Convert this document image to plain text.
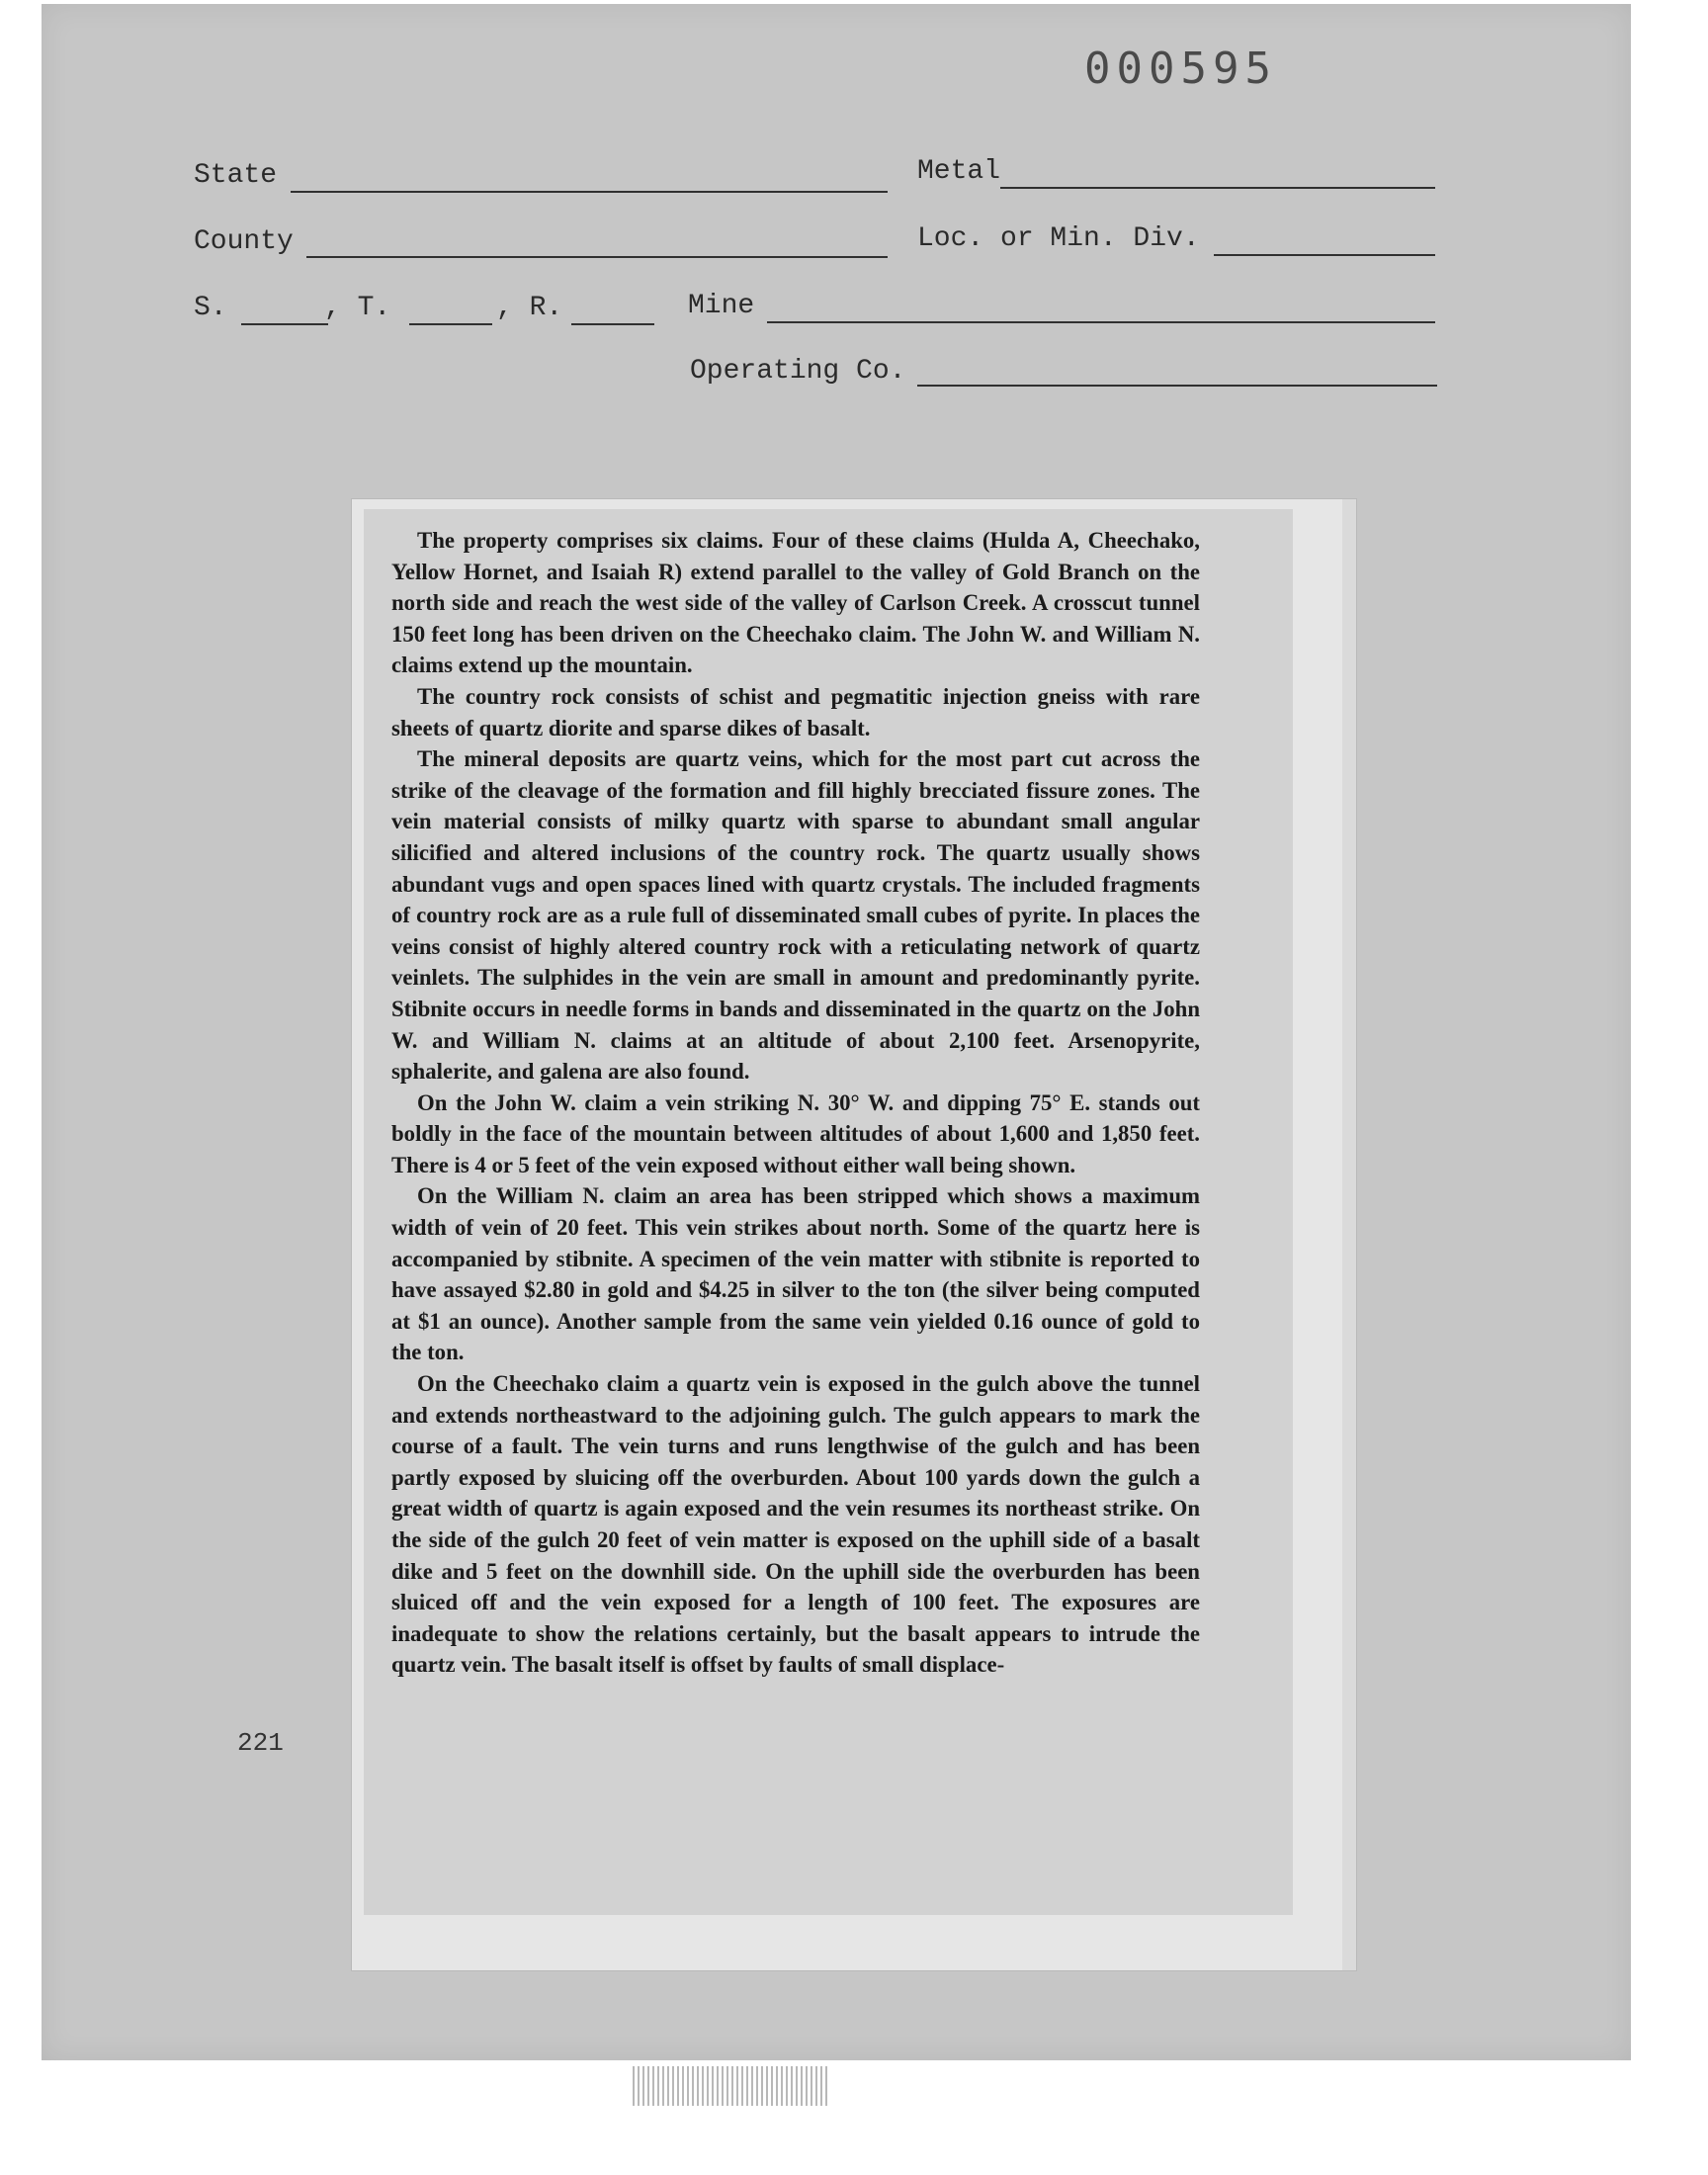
000595
State	Metal
County	Loc. or Min. Div.
S.	, T.	, R.	Mine
Operating Co.

The property comprises six claims. Four of these claims (Hulda A, Cheechako, Yellow Hornet, and Isaiah R) extend parallel to the valley of Gold Branch on the north side and reach the west side of the valley of Carlson Creek. A crosscut tunnel 150 feet long has been driven on the Cheechako claim. The John W. and William N. claims extend up the mountain.

The country rock consists of schist and pegmatitic injection gneiss with rare sheets of quartz diorite and sparse dikes of basalt.

The mineral deposits are quartz veins, which for the most part cut across the strike of the cleavage of the formation and fill highly brecciated fissure zones. The vein material consists of milky quartz with sparse to abundant small angular silicified and altered inclusions of the country rock. The quartz usually shows abundant vugs and open spaces lined with quartz crystals. The included fragments of country rock are as a rule full of disseminated small cubes of pyrite. In places the veins consist of highly altered country rock with a reticulating network of quartz veinlets. The sulphides in the vein are small in amount and predominantly pyrite. Stibnite occurs in needle forms in bands and disseminated in the quartz on the John W. and William N. claims at an altitude of about 2,100 feet. Arsenopyrite, sphalerite, and galena are also found.

On the John W. claim a vein striking N. 30° W. and dipping 75° E. stands out boldly in the face of the mountain between altitudes of about 1,600 and 1,850 feet. There is 4 or 5 feet of the vein exposed without either wall being shown.

On the William N. claim an area has been stripped which shows a maximum width of vein of 20 feet. This vein strikes about north. Some of the quartz here is accompanied by stibnite. A specimen of the vein matter with stibnite is reported to have assayed $2.80 in gold and $4.25 in silver to the ton (the silver being computed at $1 an ounce). Another sample from the same vein yielded 0.16 ounce of gold to the ton.

On the Cheechako claim a quartz vein is exposed in the gulch above the tunnel and extends northeastward to the adjoining gulch. The gulch appears to mark the course of a fault. The vein turns and runs lengthwise of the gulch and has been partly exposed by sluicing off the overburden. About 100 yards down the gulch a great width of quartz is again exposed and the vein resumes its northeast strike. On the side of the gulch 20 feet of vein matter is exposed on the uphill side of a basalt dike and 5 feet on the downhill side. On the uphill side the overburden has been sluiced off and the vein exposed for a length of 100 feet. The exposures are inadequate to show the relations certainly, but the basalt appears to intrude the quartz vein. The basalt itself is offset by faults of small displace-

221
